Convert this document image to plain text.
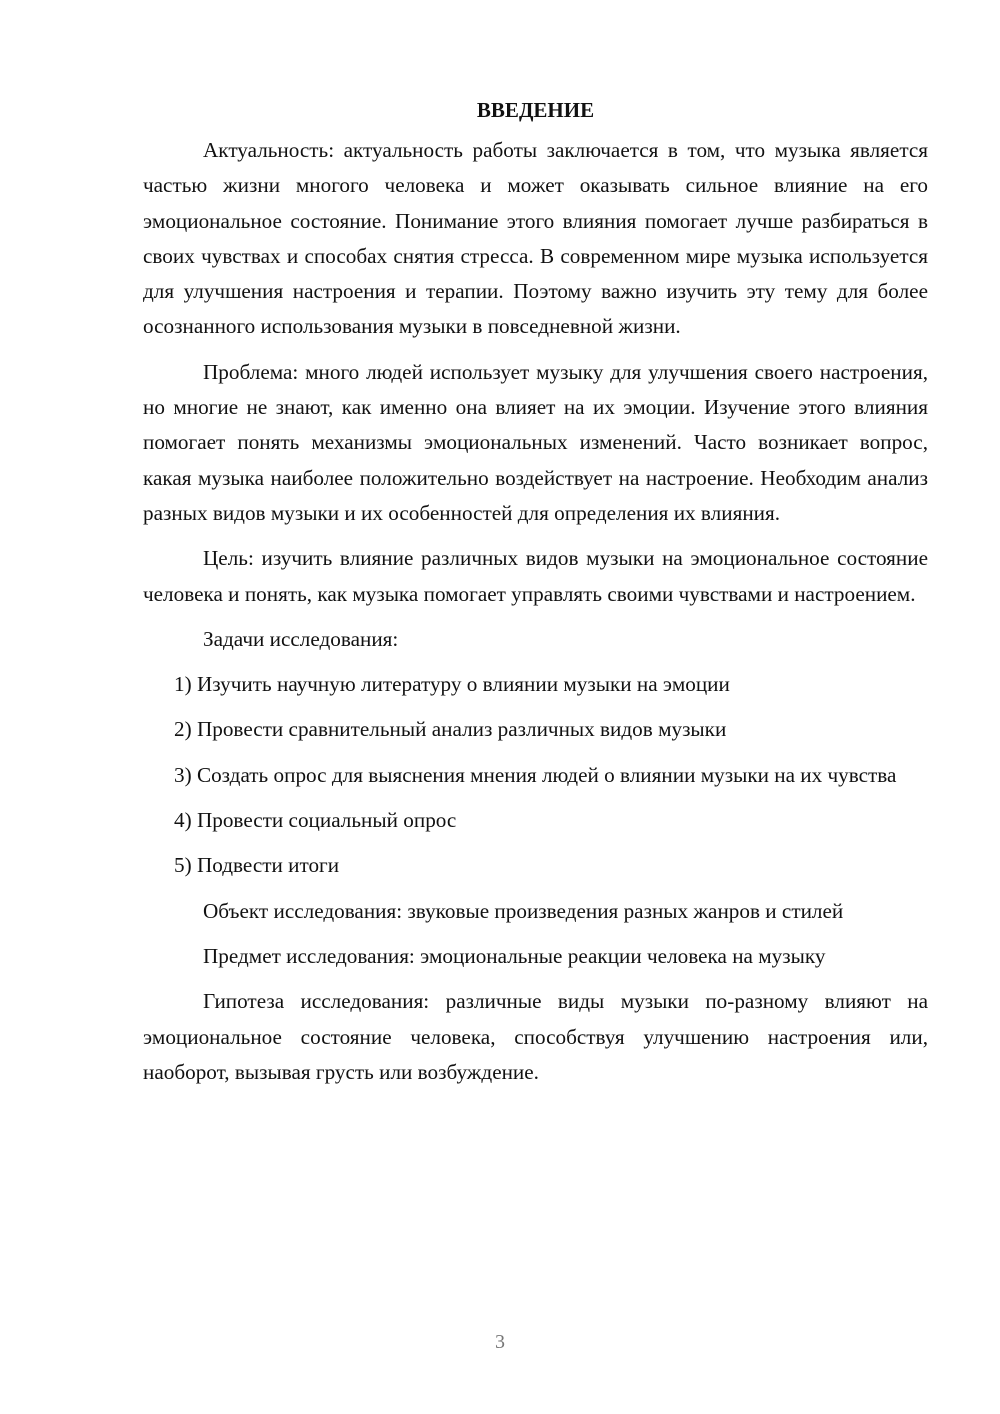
ВВЕДЕНИЕ

Актуальность: актуальность работы заключается в том, что музыка является частью жизни многого человека и может оказывать сильное влияние на его эмоциональное состояние. Понимание этого влияния помогает лучше разбираться в своих чувствах и способах снятия стресса. В современном мире музыка используется для улучшения настроения и терапии. Поэтому важно изучить эту тему для более осознанного использования музыки в повседневной жизни.

Проблема: много людей использует музыку для улучшения своего настроения, но многие не знают, как именно она влияет на их эмоции. Изучение этого влияния помогает понять механизмы эмоциональных изменений. Часто возникает вопрос, какая музыка наиболее положительно воздействует на настроение. Необходим анализ разных видов музыки и их особенностей для определения их влияния.

Цель: изучить влияние различных видов музыки на эмоциональное состояние человека и понять, как музыка помогает управлять своими чувствами и настроением.

Задачи исследования:

1) Изучить научную литературу о влиянии музыки на эмоции

2) Провести сравнительный анализ различных видов музыки

3) Создать опрос для выяснения мнения людей о влиянии музыки на их чувства

4) Провести социальный опрос

5) Подвести итоги

Объект исследования: звуковые произведения разных жанров и стилей

Предмет исследования: эмоциональные реакции человека на музыку

Гипотеза исследования: различные виды музыки по-разному влияют на эмоциональное состояние человека, способствуя улучшению настроения или, наоборот, вызывая грусть или возбуждение.

3
